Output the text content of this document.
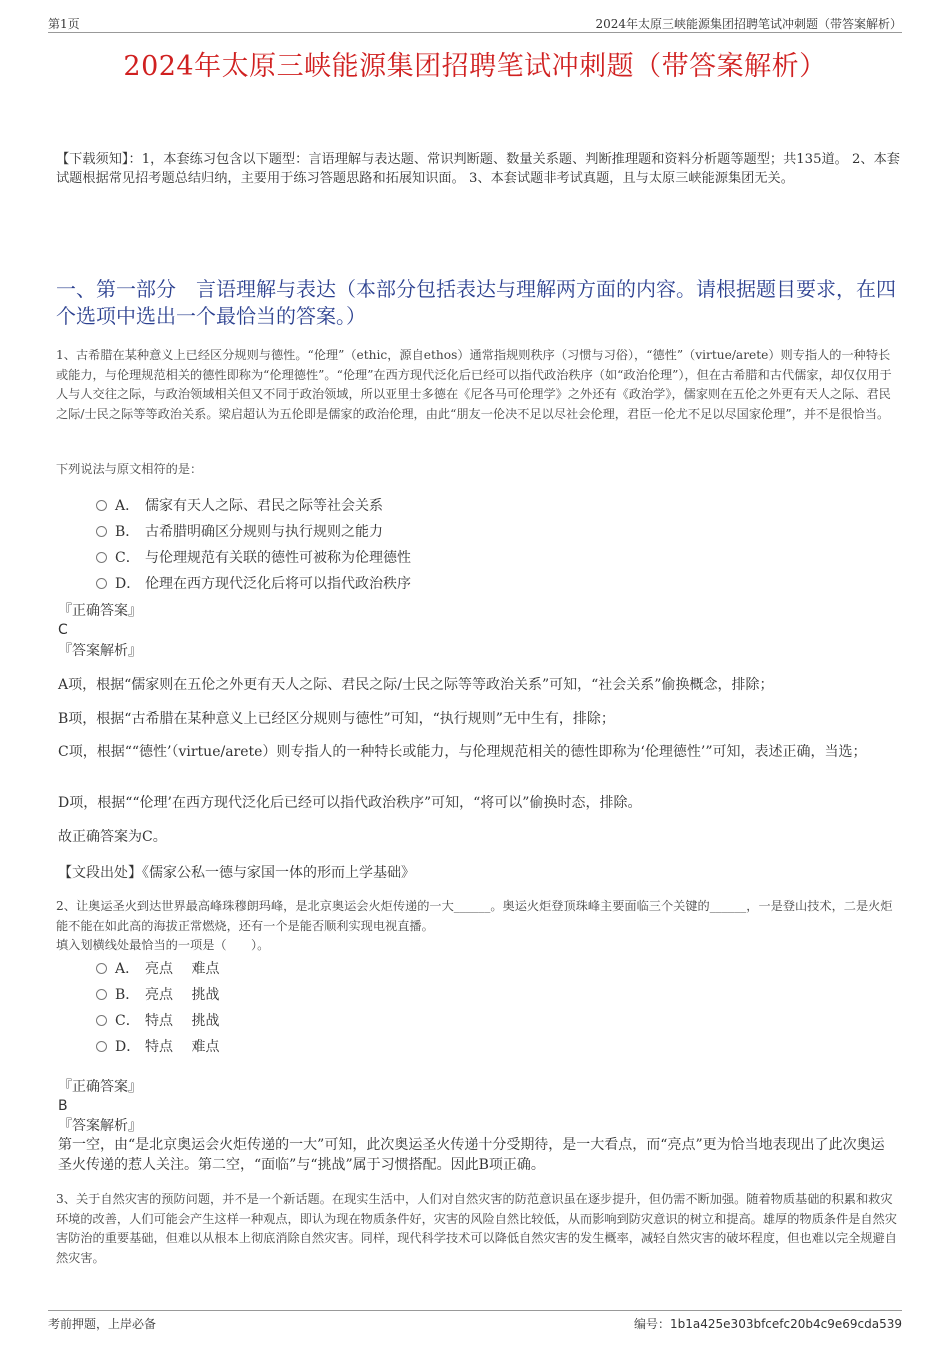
第1页	2024年太原三峡能源集团招聘笔试冲刺题（带答案解析）
2024年太原三峡能源集团招聘笔试冲刺题（带答案解析）
【下载须知】：1，本套练习包含以下题型：言语理解与表达题、常识判断题、数量关系题、判断推理题和资料分析题等题型；共135道。 2、本套试题根据常见招考题总结归纳，主要用于练习答题思路和拓展知识面。 3、本套试题非考试真题，且与太原三峡能源集团无关。
一、第一部分　言语理解与表达（本部分包括表达与理解两方面的内容。请根据题目要求，在四个选项中选出一个最恰当的答案。）
1、古希腊在某种意义上已经区分规则与德性。“伦理”（ethic，源自ethos）通常指规则秩序（习惯与习俗），“德性”（virtue/arete）则专指人的一种特长或能力，与伦理规范相关的德性即称为“伦理德性”。“伦理”在西方现代泛化后已经可以指代政治秩序（如“政治伦理”），但在古希腊和古代儒家，却仅仅用于人与人交往之际，与政治领域相关但又不同于政治领域，所以亚里士多德在《尼各马可伦理学》之外还有《政治学》，儒家则在五伦之外更有天人之际、君民之际/士民之际等等政治关系。梁启超认为五伦即是儒家的政治伦理，由此“朋友一伦决不足以尽社会伦理，君臣一伦尤不足以尽国家伦理”，并不是很恰当。
下列说法与原文相符的是：
A． 儒家有天人之际、君民之际等社会关系
B． 古希腊明确区分规则与执行规则之能力
C． 与伦理规范有关联的德性可被称为伦理德性
D． 伦理在西方现代泛化后将可以指代政治秩序
『正确答案』
C
『答案解析』
A项，根据“儒家则在五伦之外更有天人之际、君民之际/士民之际等等政治关系”可知，“社会关系”偷换概念，排除；
B项，根据“古希腊在某种意义上已经区分规则与德性”可知，“执行规则”无中生有，排除；
C项，根据““德性’（virtue/arete）则专指人的一种特长或能力，与伦理规范相关的德性即称为‘伦理德性’”可知，表述正确，当选；
D项，根据““伦理’在西方现代泛化后已经可以指代政治秩序”可知，“将可以”偷换时态，排除。
故正确答案为C。
【文段出处】《儒家公私一德与家国一体的形而上学基础》
2、让奥运圣火到达世界最高峰珠穆朗玛峰，是北京奥运会火炬传递的一大______。奥运火炬登顶珠峰主要面临三个关键的______，一是登山技术，二是火炬能不能在如此高的海拔正常燃烧，还有一个是能否顺利实现电视直播。
填入划横线处最恰当的一项是（　　）。
A． 亮点　 难点
B． 亮点　 挑战
C． 特点　 挑战
D． 特点　 难点
『正确答案』
B
『答案解析』
第一空，由“是北京奥运会火炬传递的一大”可知，此次奥运圣火传递十分受期待，是一大看点，而“亮点”更为恰当地表现出了此次奥运圣火传递的惹人关注。第二空，“面临”与“挑战”属于习惯搭配。因此B项正确。
3、关于自然灾害的预防问题，并不是一个新话题。在现实生活中，人们对自然灾害的防范意识虽在逐步提升，但仍需不断加强。随着物质基础的积累和救灾环境的改善，人们可能会产生这样一种观点，即认为现在物质条件好，灾害的风险自然比较低，从而影响到防灾意识的树立和提高。雄厚的物质条件是自然灾害防治的重要基础，但难以从根本上彻底消除自然灾害。同样，现代科学技术可以降低自然灾害的发生概率，减轻自然灾害的破坏程度，但也难以完全规避自然灾害。
考前押题，上岸必备	编号：1b1a425e303bfcefc20b4c9e69cda539
